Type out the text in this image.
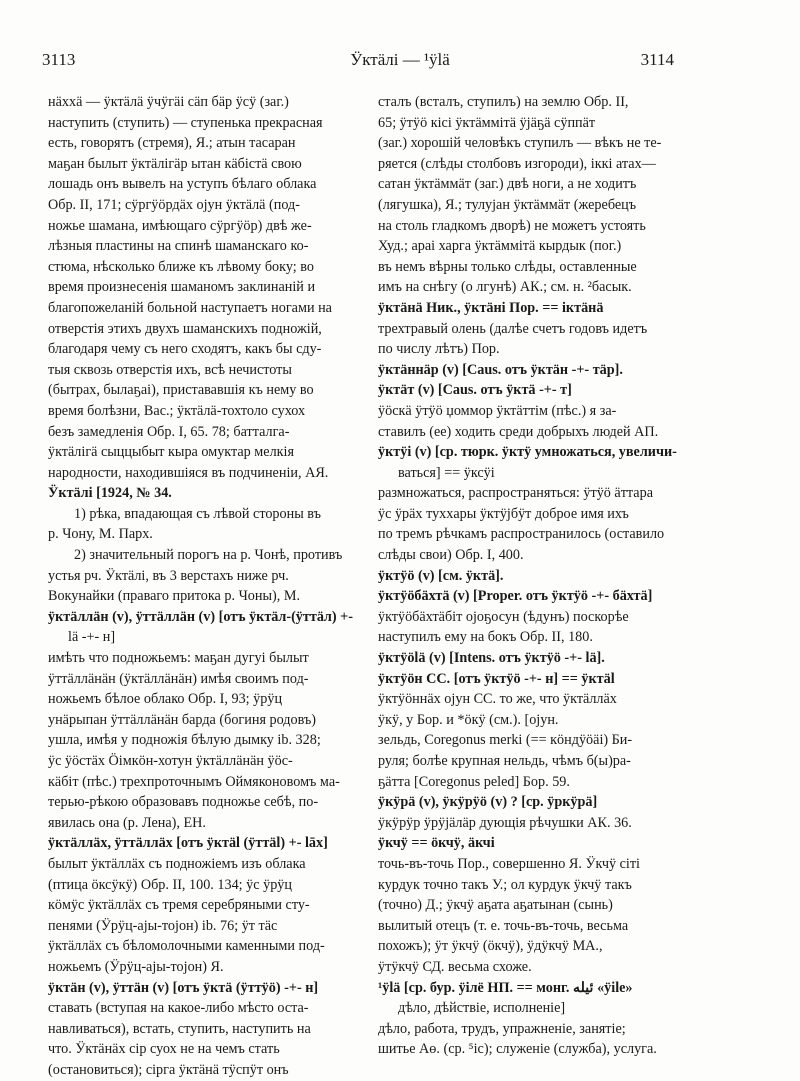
3113	Ӱктäлі — ¹ӱlä	3114
нäххä — ӱктäлä ӱчӱгäі сäп бäр ӱсӱ (заг.)
наступить (ступить) — ступенька прекрасная
есть, говорятъ (стремя), Я.; атын тасаран
маҕан былыт ӱктäлігäр ытан кäбістä свою
лошадь онъ вывелъ на уступъ бѣлаго облака
Обр. II, 171; сӱргӱӧрдäх ојун ӱктäлä (под-
ножье шамана, имѣющаго сӱргӱӧр) двѣ же-
лѣзныя пластины на спинѣ шаманскаго ко-
стюма, нѣсколько ближе къ лѣвому боку; во
время произнесенія шаманомъ заклинаній и
благопожеланій больной наступаетъ ногами на
отверстія этихъ двухъ шаманскихъ подножій,
благодаря чему съ него сходятъ, какъ бы сду-
тыя сквозь отверстія ихъ, всѣ нечистоты
(бытрах, былаҕаі), пристававшія къ нему во
время болѣзни, Вас.; ӱктäлä-тохтоло сухох
безъ замедленія Обр. I, 65. 78; батталга-
ӱктäлігä сыццыбыт кыра омуктар мелкія
народности, находившіяся въ подчиненіи, АЯ.
Ӱктäлі [1924, № 34.
1) рѣка, впадающая съ лѣвой стороны въ
р. Чону, М. Парх.
2) значительный порогъ на р. Чонѣ, противъ
устья рч. Ӱктäлі, въ 3 верстахъ ниже рч.
Вокунайки (праваго притока р. Чоны), М.
ӱктäллäн (v), ӱттäллäн (v) [отъ ӱктäл-(ӱттäл) +-
lä -+- н]
имѣть что подножьемъ: маҕан дугуі былыт
ӱттäллäнäн (ӱктäллäнäн) имѣя своимъ под-
ножьемъ бѣлое облако Обр. I, 93; ӱрӱц
унäрыпан ӱттäллäнäн барда (богиня родовъ)
ушла, имѣя у подножія бѣлую дымку ib. 328;
ӱс ӱöстäх Ӧімкöн-хотун ӱктäллäнäн ӱöс-
кäбіт (пѣс.) трехпроточнымъ Оймяконовомъ ма-
терью-рѣкою образовавъ подножье себѣ, по-
явилась она (р. Лена), ЕН.
ӱктäллäх, ӱттäллäх [отъ ӱктäl (ӱттäl) +- lāх]
былыт ӱктäллäх съ подножіемъ изъ облака
(птица öксӱкӱ) Обр. II, 100. 134; ӱс ӱрӱц
кӧмӱс ӱктäллäх съ тремя серебряными сту-
пенями (Ӱрӱц-ајы-тојон) ib. 76; ӱт тäс
ӱктäллäх съ бѣломолочными каменными под-
ножьемъ (Ӱрӱц-ајы-тојон) Я.
ӱктäн (v), ӱттäн (v) [отъ ӱктä (ӱттӱӧ) -+- н]
ставать (вступая на какое-либо мѣсто оста-
навливаться), встать, ступить, наступить на
что. Ӱктäнäх сір суох не на чемъ стать
(остановиться); сірга ӱктäнä тӱспӱт онъ
сталъ (всталъ, ступилъ) на землю Обр. II,
65; ӱтӱö кісі ӱктäммітä ӱјäҕä сӱппäт
(заг.) хорошій человѣкъ ступилъ — вѣкъ не те-
ряется (слѣды столбовъ изгороди), іккі атах—
сатан ӱктäммäт (заг.) двѣ ноги, а не ходитъ
(лягушка), Я.; тулујан ӱктäммäт (жеребецъ
на столь гладкомъ дворѣ) не можетъ устоять
Худ.; араі харга ӱктäммітä кырдык (пог.)
въ немъ вѣрны только слѣды, оставленные
имъ на снѣгу (о лгунѣ) АК.; см. н. ²басык.
ӱктäнä Ник., ӱктäні Пор. == іктäнä
трехтравый олень (далѣе счетъ годовъ идетъ
по числу лѣтъ) Пор.
ӱктäннäр (v) [Caus. отъ ӱктäн -+- тäр].
ӱктäт (v) [Caus. отъ ӱктä -+- т]
ӱöскä ӱтӱö џоммор ӱктäттім (пѣс.) я за-
ставилъ (ее) ходить среди добрыхъ людей АП.
ӱктӱі (v) [ср. тюрк. ӱктӱ умножаться, увеличи-
ваться] == ӱксӱі
размножаться, распространяться: ӱтӱö äттара
ӱс ӱрäх тухxары ӱктӱјбӱт доброе имя ихъ
по тремъ рѣчкамъ распространилось (оставило
слѣды свои) Обр. I, 400.
ӱктӱö (v) [см. ӱктä].
ӱктӱöбäхтä (v) [Proper. отъ ӱктӱö -+- бäхтä]
ӱктӱöбäхтäбіт ојоҕосун (ѣдунъ) поскорѣе
наступилъ ему на бокъ Обр. II, 180.
ӱктӱölä (v) [Intens. отъ ӱктӱö -+- lä].
ӱктӱöн СС. [отъ ӱктӱö -+- н] == ӱктäl
ӱктӱöннäх ојун СС. то же, что ӱктäллäх
ӱкӱ, у Бор. и *öкӱ (см.). [ојун.
зельдь, Coregonus merki (== кöндӱöäі) Би-
руля; болѣе крупная нельдь, чѣмъ б(ы)ра-
ҕäтта [Coregonus peled] Бор. 59.
ӱкӱрä (v), ӱкӱрӱö (v) ? [ср. ӱркӱрä]
ӱкӱрӱр ӱрӱјäлäр дующія рѣчушки АК. 36.
ӱкчӱ == öкчӱ, äкчі
точь-въ-точь Пор., совершенно Я. Ӱкчӱ сіті
курдук точно такъ У.; ол курдук ӱкчӱ такъ
(точно) Д.; ӱкчӱ аҕата аҕатынан (сынь)
вылитый отецъ (т. е. точь-въ-точь, весьма
похожъ); ӱт ӱкчӱ (öкчӱ), ӱдӱкчӱ МА.,
ӱтӱкчӱ СД. весьма схоже.
¹ӱlä [ср. бур. ӱілё НП. == монг. ﺋﻴﻠﻪ «ӱile»
дѣло, дѣйствіе, исполненіе]
дѣло, работа, трудъ, упражненіе, занятіе;
шитье Аө. (ср. ⁵іс); служеніе (служба), услуга.
